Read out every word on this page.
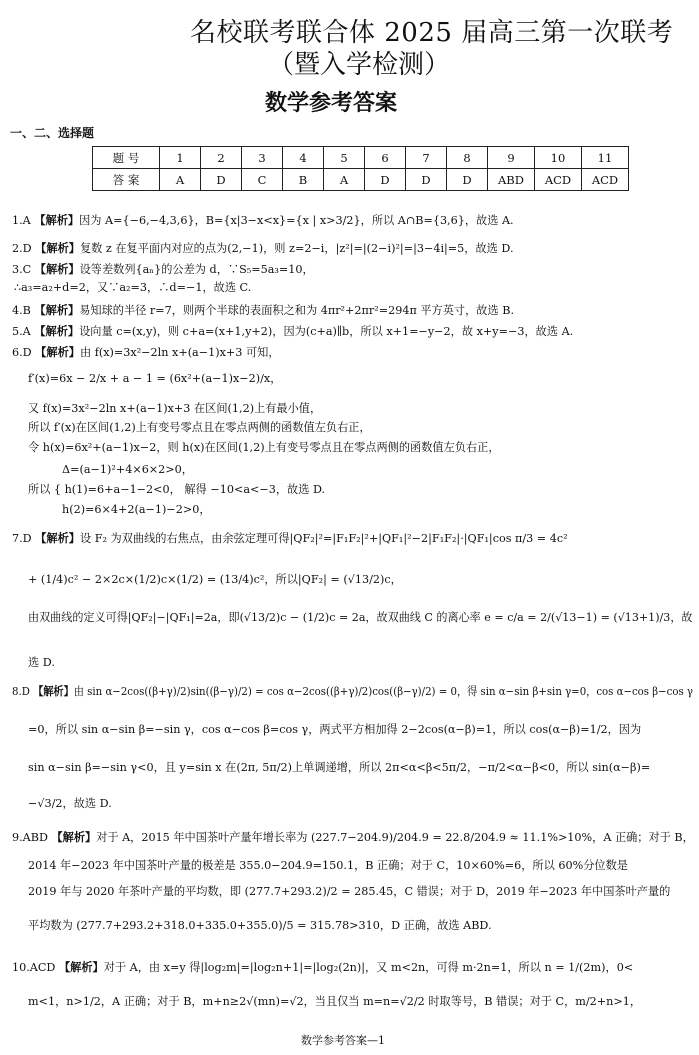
名校联考联合体 2025 届高三第一次联考
（暨入学检测）
数学参考答案
一、二、选择题
题 号	1	2	3	4	5	6	7	8	9	10	11
答 案	A	D	C	B	A	D	D	D	ABD	ACD	ACD
1.A 【解析】因为 A={−6,−4,3,6}，B={x|3−x<x}={x | x>3/2}，所以 A∩B={3,6}，故选 A.
2.D 【解析】复数 z 在复平面内对应的点为(2,−1)，则 z=2−i，|z²|=|(2−i)²|=|3−4i|=5，故选 D.
3.C 【解析】设等差数列{aₙ}的公差为 d，∵S₅=5a₃=10，
∴a₃=a₂+d=2，又∵a₂=3，∴d=−1，故选 C.
4.B 【解析】易知球的半径 r=7，则两个半球的表面积之和为 4πr²+2πr²=294π 平方英寸，故选 B.
5.A 【解析】设向量 c=(x,y)，则 c+a=(x+1,y+2)，因为(c+a)∥b，所以 x+1=−y−2，故 x+y=−3，故选 A.
6.D 【解析】由 f(x)=3x²−2ln x+(a−1)x+3 可知，
f′(x)=6x − 2/x + a − 1 = (6x²+(a−1)x−2)/x，
又 f(x)=3x²−2ln x+(a−1)x+3 在区间(1,2)上有最小值，
所以 f′(x)在区间(1,2)上有变号零点且在零点两侧的函数值左负右正，
令 h(x)=6x²+(a−1)x−2，则 h(x)在区间(1,2)上有变号零点且在零点两侧的函数值左负右正，
Δ=(a−1)²+4×6×2>0，
所以 { h(1)=6+a−1−2<0， 解得 −10<a<−3，故选 D.
h(2)=6×4+2(a−1)−2>0，
7.D 【解析】设 F₂ 为双曲线的右焦点，由余弦定理可得|QF₂|²=|F₁F₂|²+|QF₁|²−2|F₁F₂|·|QF₁|cos π/3 = 4c²
+ (1/4)c² − 2×2c×(1/2)c×(1/2) = (13/4)c²，所以|QF₂| = (√13/2)c，
由双曲线的定义可得|QF₂|−|QF₁|=2a，即(√13/2)c − (1/2)c = 2a，故双曲线 C 的离心率 e = c/a = 2/(√13−1) = (√13+1)/3，故
选 D.
8.D 【解析】由 sin α−2cos((β+γ)/2)sin((β−γ)/2) = cos α−2cos((β+γ)/2)cos((β−γ)/2) = 0，得 sin α−sin β+sin γ=0，cos α−cos β−cos γ
=0，所以 sin α−sin β=−sin γ，cos α−cos β=cos γ，两式平方相加得 2−2cos(α−β)=1，所以 cos(α−β)=1/2，因为
sin α−sin β=−sin γ<0，且 y=sin x 在(2π, 5π/2)上单调递增，所以 2π<α<β<5π/2，−π/2<α−β<0，所以 sin(α−β)=
−√3/2，故选 D.
9.ABD 【解析】对于 A，2015 年中国茶叶产量年增长率为 (227.7−204.9)/204.9 = 22.8/204.9 ≈ 11.1%>10%，A 正确；对于 B，
2014 年−2023 年中国茶叶产量的极差是 355.0−204.9=150.1，B 正确；对于 C，10×60%=6，所以 60%分位数是
2019 年与 2020 年茶叶产量的平均数，即 (277.7+293.2)/2 = 285.45，C 错误；对于 D，2019 年−2023 年中国茶叶产量的
平均数为 (277.7+293.2+318.0+335.0+355.0)/5 = 315.78>310，D 正确，故选 ABD.
10.ACD 【解析】对于 A，由 x=y 得|log₂m|=|log₂n+1|=|log₂(2n)|，又 m<2n，可得 m·2n=1，所以 n = 1/(2m)，0<
m<1，n>1/2，A 正确；对于 B，m+n≥2√(mn)=√2，当且仅当 m=n=√2/2 时取等号，B 错误；对于 C，m/2+n>1，
数学参考答案—1
